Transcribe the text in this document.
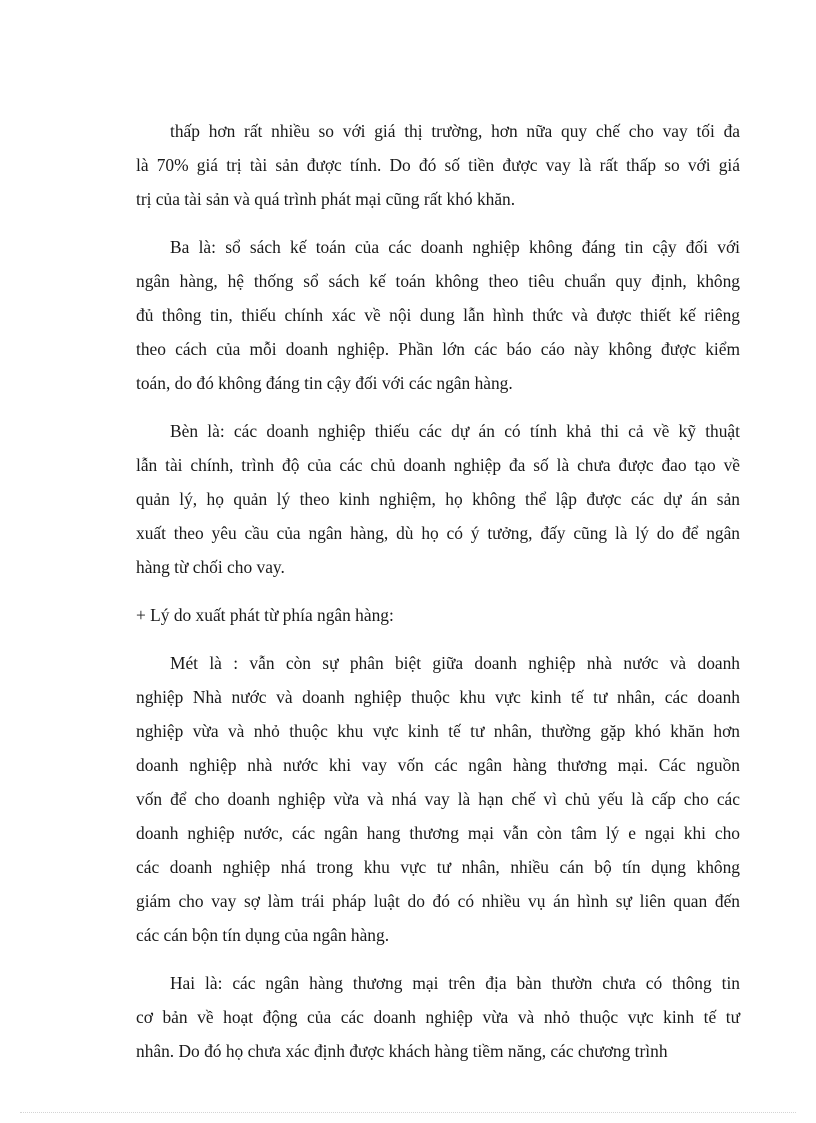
thấp hơn rất nhiều so với giá thị trường, hơn nữa quy chế cho vay tối đa
là 70% giá trị tài sản được tính. Do đó số tiền được vay là rất thấp so với giá
trị của tài sản và quá trình phát mại cũng rất khó khăn.

Ba là: sổ sách kế toán của các doanh nghiệp không đáng tin cậy đối với
ngân hàng, hệ thống sổ sách kế toán không theo tiêu chuẩn quy định, không
đủ thông tin, thiếu chính xác về nội dung lẫn hình thức và được thiết kế riêng
theo cách của mỗi doanh nghiệp. Phần lớn các báo cáo này không được kiểm
toán, do đó không đáng tin cậy đối với các ngân hàng.

Bèn là: các doanh nghiệp thiếu các dự án có tính khả thi cả về kỹ thuật
lẫn tài chính, trình độ của các chủ doanh nghiệp đa số là chưa được đao tạo về
quản lý, họ quản lý theo kinh nghiệm, họ không thể lập được các dự án sản
xuất theo yêu cầu của ngân hàng, dù họ có ý tưởng, đấy cũng là lý do để ngân
hàng từ chối cho vay.

+ Lý do xuất phát từ phía ngân hàng:

Mét là : vẫn còn sự phân biệt giữa doanh nghiệp nhà nước và doanh
nghiệp Nhà nước và doanh nghiệp thuộc khu vực kinh tế tư nhân, các doanh
nghiệp vừa và nhỏ thuộc khu vực kinh tế tư nhân, thường gặp khó khăn hơn
doanh nghiệp nhà nước khi vay vốn các ngân hàng thương mại. Các nguồn
vốn để cho doanh nghiệp vừa và nhá vay là hạn chế vì chủ yếu là cấp cho các
doanh nghiệp nước, các ngân hang thương mại vẫn còn tâm lý e ngại khi cho
các doanh nghiệp nhá trong khu vực tư nhân, nhiều cán bộ tín dụng không
giám cho vay sợ làm trái pháp luật do đó có nhiều vụ án hình sự liên quan đến
các cán bộn tín dụng của ngân hàng.

Hai là: các ngân hàng thương mại trên địa bàn thườn chưa có thông tin
cơ bản về hoạt động của các doanh nghiệp vừa và nhỏ thuộc vực kinh tế tư
nhân. Do đó họ chưa xác định được khách hàng tiềm năng, các chương trình
